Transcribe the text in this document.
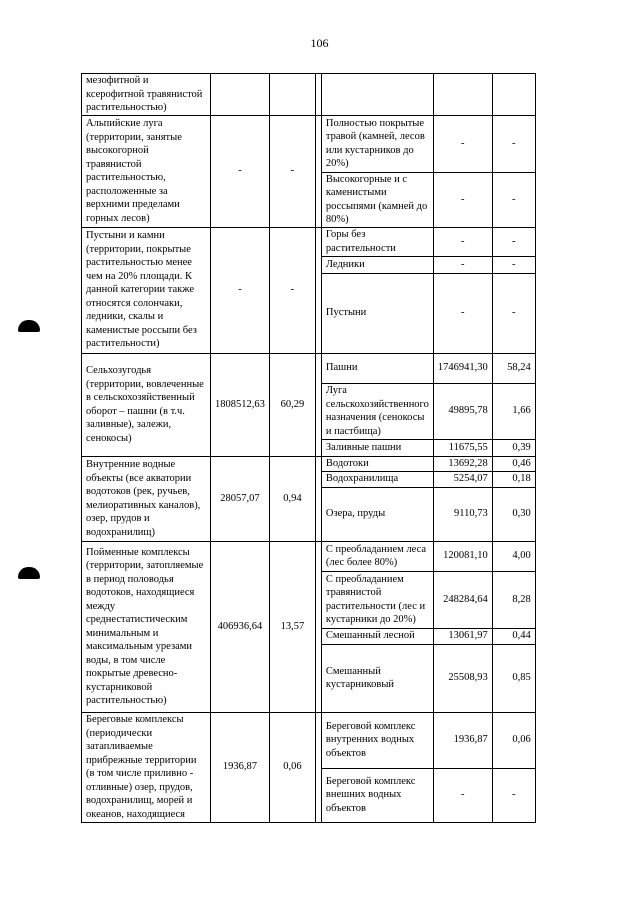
106
мезофитной и ксерофитной травянистой растительностью)						
Альпийские луга (территории, занятые высокогорной травянистой растительностью, расположенные за верхними пределами горных лесов)	-	-		Полностью покрытые травой (камней, лесов или кустарников до 20%)	-	-
				Высокогорные и с каменистыми россыпями (камней до 80%)	-	-
Пустыни и камни (территории, покрытые растительностью менее чем на 20% площади. К данной категории также относятся солончаки, ледники, скалы и каменистые россыпи без растительности)	-	-		Горы без растительности	-	-
				Ледники	-	-
				Пустыни	-	-
Сельхозугодья (территории, вовлеченные в сельскохозяйственный оборот – пашни (в т.ч. заливные), залежи, сенокосы)	1808512,63	60,29		Пашни	1746941,30	58,24
				Луга сельскохозяйственного назначения (сенокосы и пастбища)	49895,78	1,66
				Заливные пашни	11675,55	0,39
Внутренние водные объекты (все акватории водотоков (рек, ручьев, мелиоративных каналов), озер, прудов и водохранилищ)	28057,07	0,94		Водотоки	13692,28	0,46
				Водохранилища	5254,07	0,18
				Озера, пруды	9110,73	0,30
Пойменные комплексы (территории, затопляемые в период половодья водотоков, находящиеся между среднестатистическим минимальным и максимальным урезами воды, в том числе покрытые древесно-кустарниковой растительностью)	406936,64	13,57		С преобладанием леса (лес более 80%)	120081,10	4,00
				С преобладанием травянистой растительности (лес и кустарники до 20%)	248284,64	8,28
				Смешанный лесной	13061,97	0,44
				Смешанный кустарниковый	25508,93	0,85
Береговые комплексы (периодически затапливаемые прибрежные территории (в том числе приливно - отливные) озер, прудов, водохранилищ, морей и океанов, находящиеся	1936,87	0,06		Береговой комплекс внутренних водных объектов	1936,87	0,06
				Береговой комплекс внешних водных объектов	-	-
